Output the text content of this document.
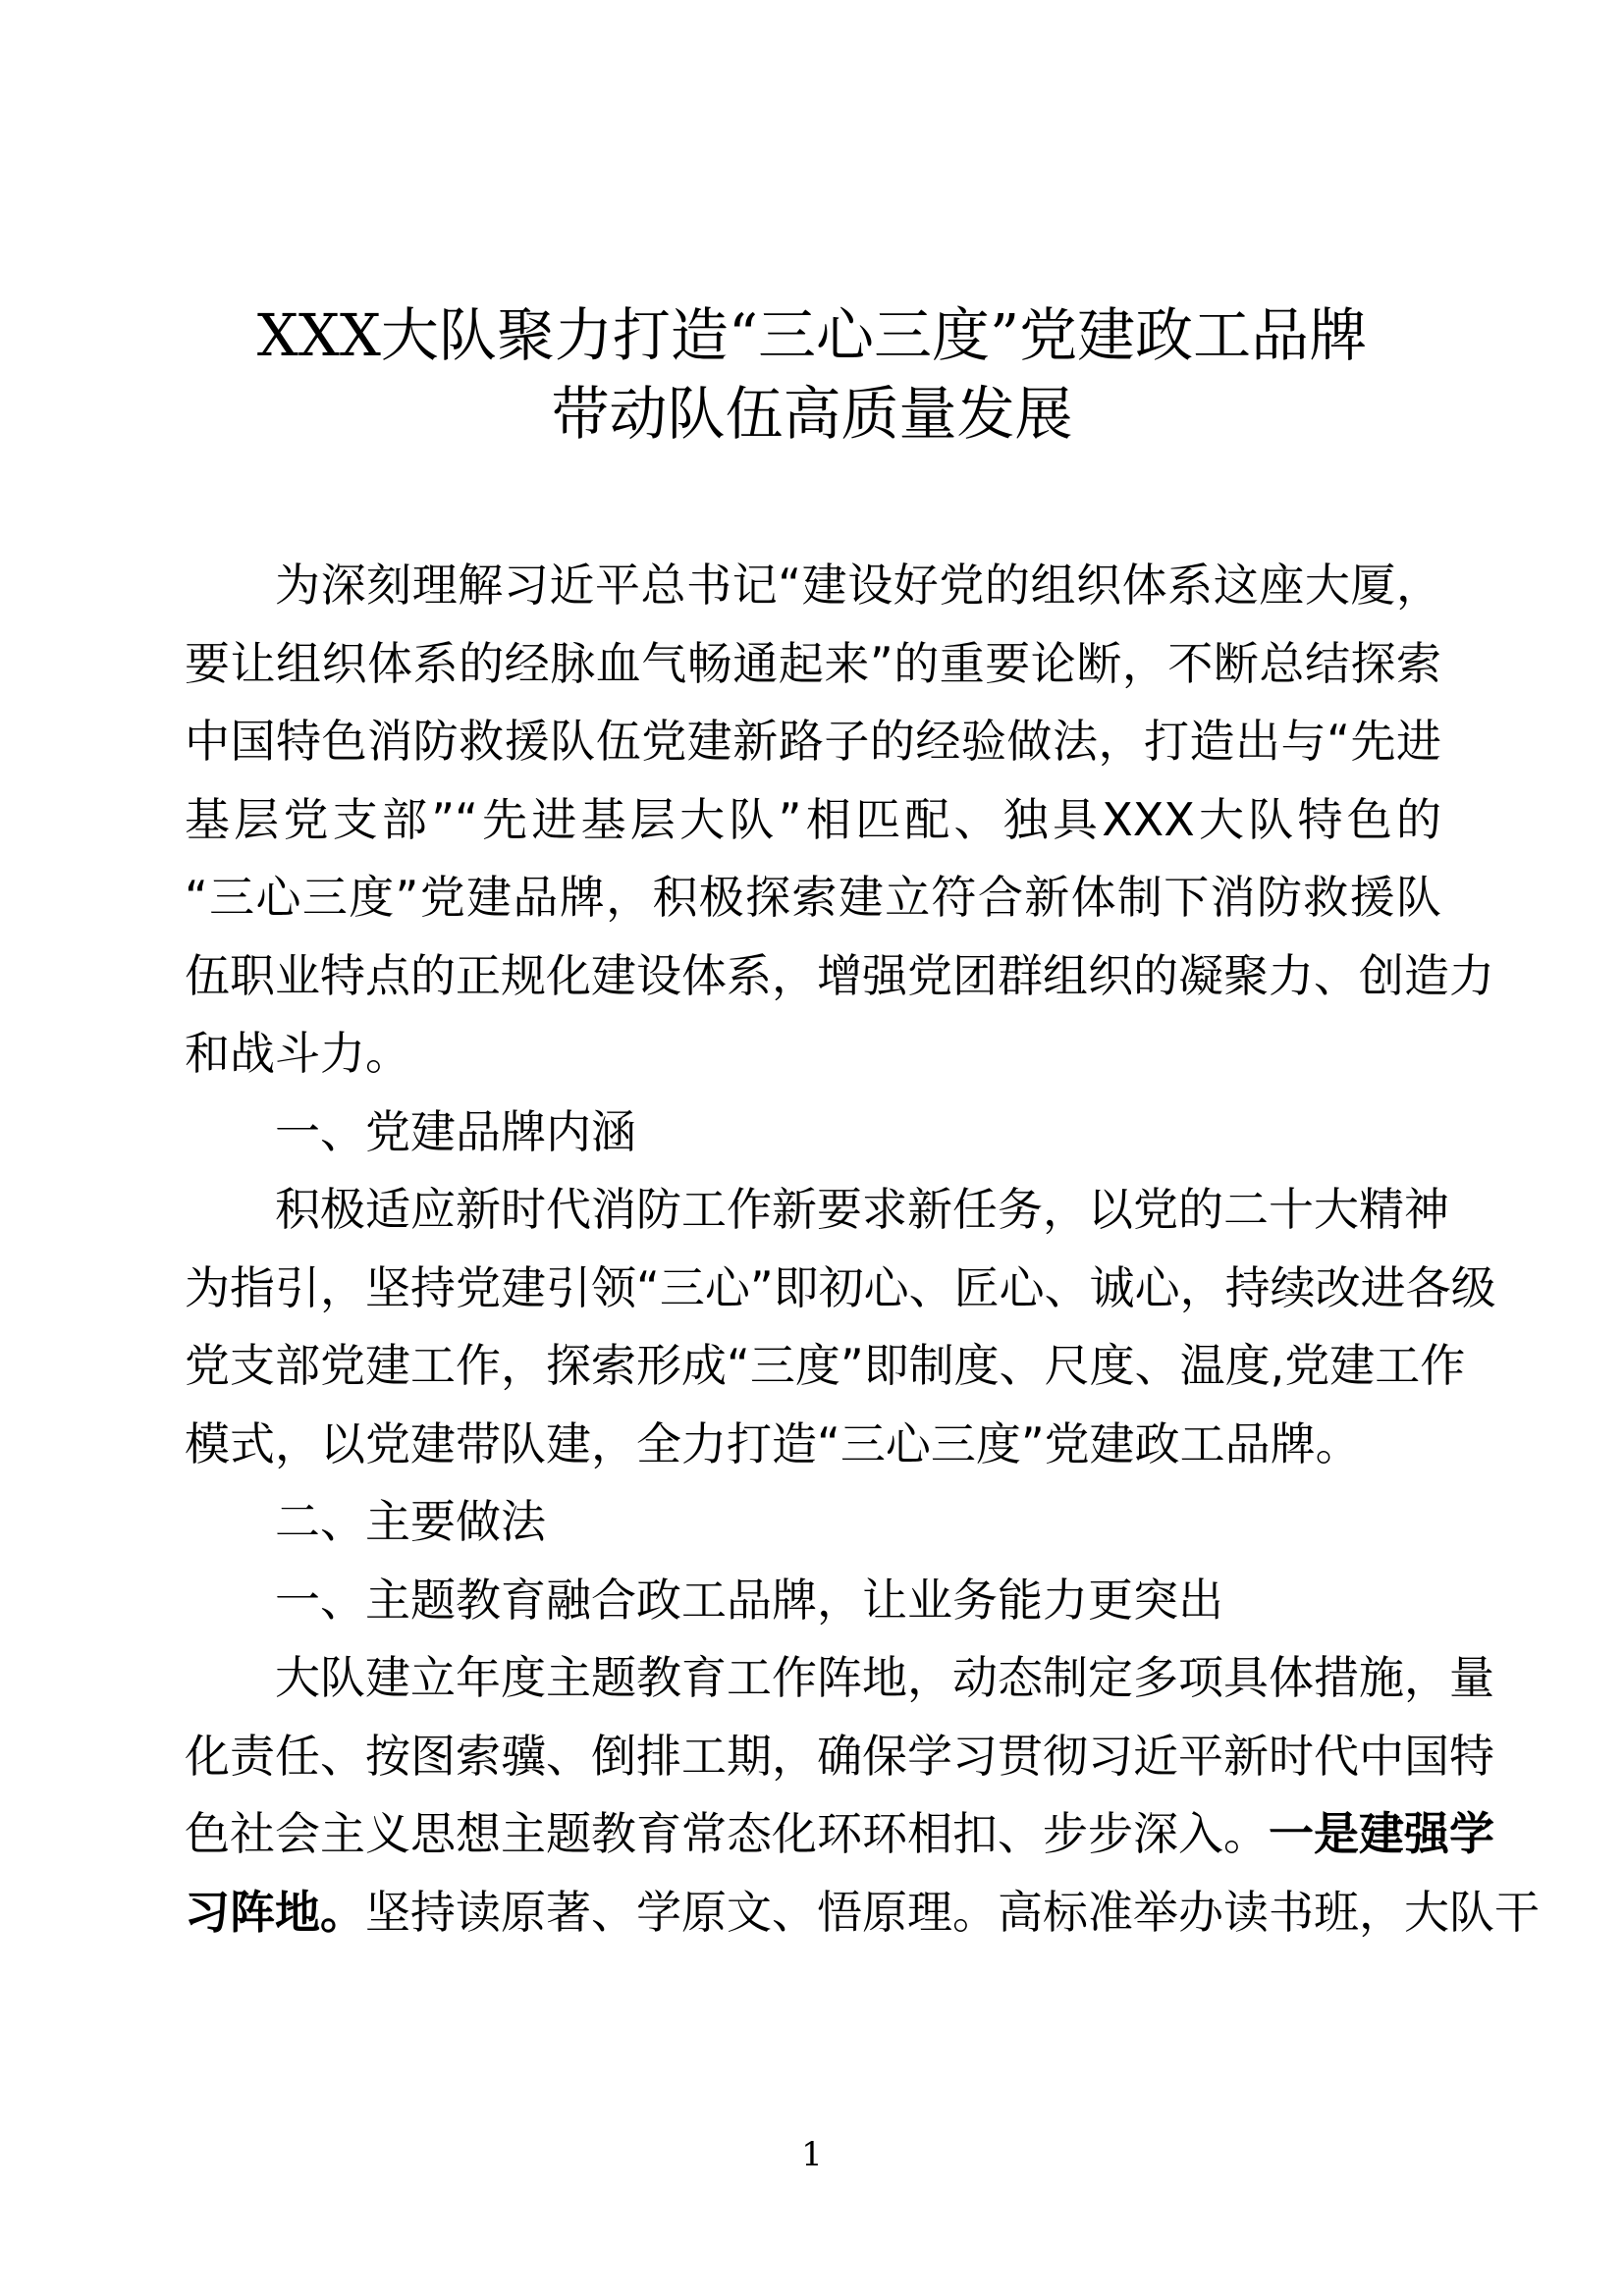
XXX大队聚力打造“三心三度”党建政工品牌
带动队伍高质量发展
为深刻理解习近平总书记“建设好党的组织体系这座大厦，
要让组织体系的经脉血气畅通起来”的重要论断，不断总结探索
中国特色消防救援队伍党建新路子的经验做法，打造出与“先进
基层党支部”“先进基层大队”相匹配、独具XXX大队特色的
“三心三度”党建品牌，积极探索建立符合新体制下消防救援队
伍职业特点的正规化建设体系，增强党团群组织的凝聚力、创造力
和战斗力。
一、党建品牌内涵
积极适应新时代消防工作新要求新任务，以党的二十大精神
为指引，坚持党建引领“三心”即初心、匠心、诚心，持续改进各级
党支部党建工作，探索形成“三度”即制度、尺度、温度,党建工作
模式，以党建带队建，全力打造“三心三度”党建政工品牌。
二、主要做法
一、主题教育融合政工品牌，让业务能力更突出
大队建立年度主题教育工作阵地，动态制定多项具体措施，量
化责任、按图索骥、倒排工期，确保学习贯彻习近平新时代中国特
色社会主义思想主题教育常态化环环相扣、步步深入。一是建强学
习阵地。坚持读原著、学原文、悟原理。高标准举办读书班，大队干
1
